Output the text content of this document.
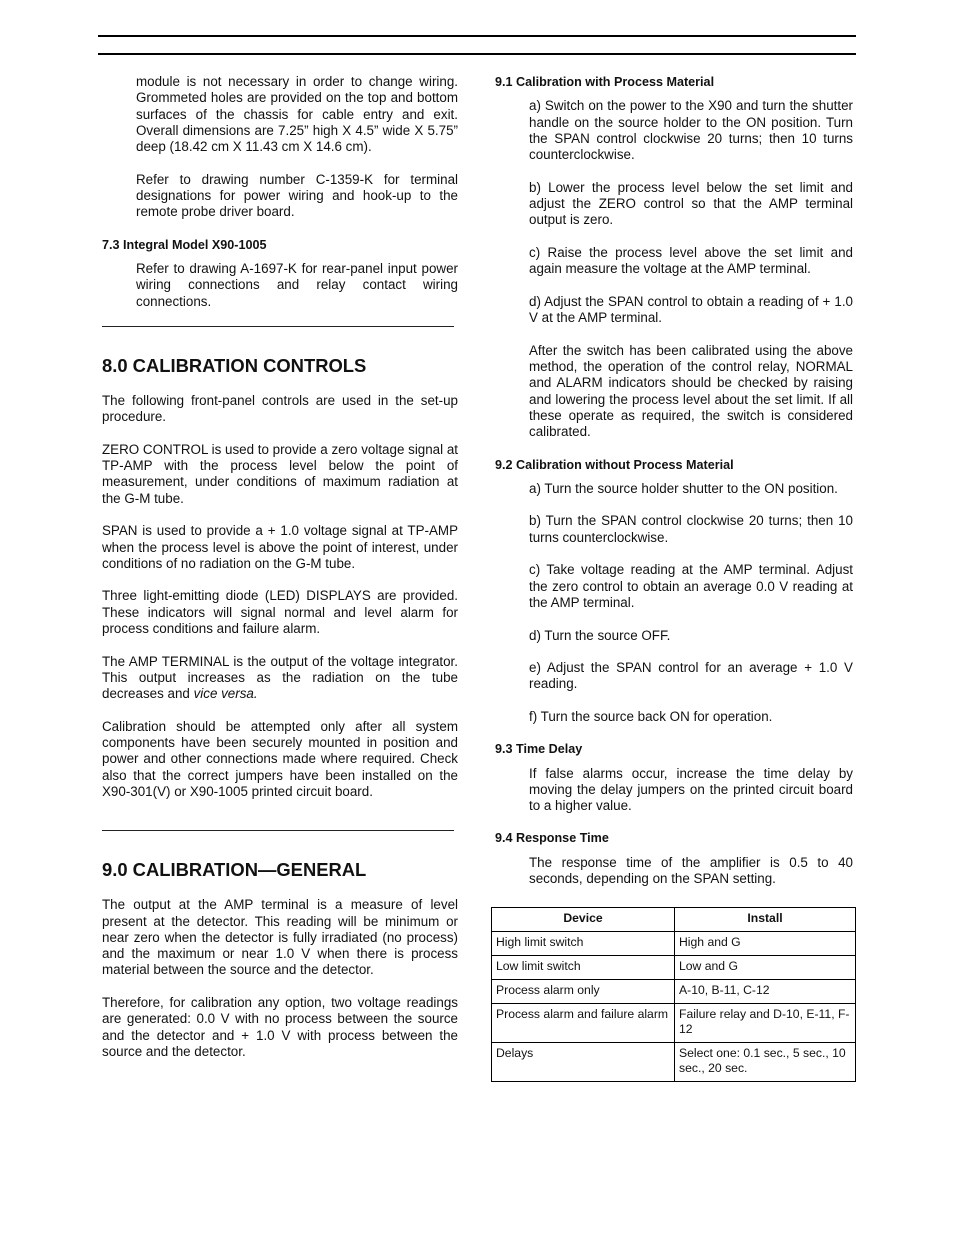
module is not necessary in order to change wiring. Grommeted holes are provided on the top and bottom surfaces of the chassis for cable entry and exit. Overall dimensions are 7.25” high X 4.5” wide X 5.75” deep (18.42 cm X 11.43 cm X 14.6 cm).

Refer to drawing number C-1359-K for terminal designations for power wiring and hook-up to the remote probe driver board.

7.3 Integral Model X90-1005

Refer to drawing A-1697-K for rear-panel input power wiring connections and relay contact wiring connections.

8.0 CALIBRATION CONTROLS

The following front-panel controls are used in the set-up procedure.

ZERO CONTROL is used to provide a zero voltage signal at TP-AMP with the process level below the point of measurement, under conditions of maximum radiation at the G-M tube.

SPAN is used to provide a + 1.0 voltage signal at TP-AMP when the process level is above the point of interest, under conditions of no radiation on the G-M tube.

Three light-emitting diode (LED) DISPLAYS are provided. These indicators will signal normal and level alarm for process conditions and failure alarm.

The AMP TERMINAL is the output of the voltage integrator. This output increases as the radiation on the tube decreases and vice versa.

Calibration should be attempted only after all system components have been securely mounted in position and power and other connections made where required. Check also that the correct jumpers have been installed on the X90-301(V) or X90-1005 printed circuit board.

9.0 CALIBRATION—GENERAL

The output at the AMP terminal is a measure of level present at the detector. This reading will be minimum or near zero when the detector is fully irradiated (no process) and the maximum or near 1.0 V when there is process material between the source and the detector.

Therefore, for calibration any option, two voltage readings are generated: 0.0 V with no process between the source and the detector and + 1.0 V with process between the source and the detector.

9.1 Calibration with Process Material

a) Switch on the power to the X90 and turn the shutter handle on the source holder to the ON position. Turn the SPAN control clockwise 20 turns; then 10 turns counterclockwise.

b) Lower the process level below the set limit and adjust the ZERO control so that the AMP terminal output is zero.

c) Raise the process level above the set limit and again measure the voltage at the AMP terminal.

d) Adjust the SPAN control to obtain a reading of + 1.0 V at the AMP terminal.

After the switch has been calibrated using the above method, the operation of the control relay, NORMAL and ALARM indicators should be checked by raising and lowering the process level about the set limit. If all these operate as required, the switch is considered calibrated.

9.2 Calibration without Process Material

a) Turn the source holder shutter to the ON position.

b) Turn the SPAN control clockwise 20 turns; then 10 turns counterclockwise.

c) Take voltage reading at the AMP terminal. Adjust the zero control to obtain an average 0.0 V reading at the AMP terminal.

d) Turn the source OFF.

e) Adjust the SPAN control for an average + 1.0 V reading.

f) Turn the source back ON for operation.

9.3 Time Delay

If false alarms occur, increase the time delay by moving the delay jumpers on the printed circuit board to a higher value.

9.4 Response Time

The response time of the amplifier is 0.5 to 40 seconds, depending on the SPAN setting.

Device	Install
High limit switch	High and G
Low limit switch	Low and G
Process alarm only	A-10, B-11, C-12
Process alarm and failure alarm	Failure relay and D-10, E-11, F-12
Delays	Select one: 0.1 sec., 5 sec., 10 sec., 20 sec.
